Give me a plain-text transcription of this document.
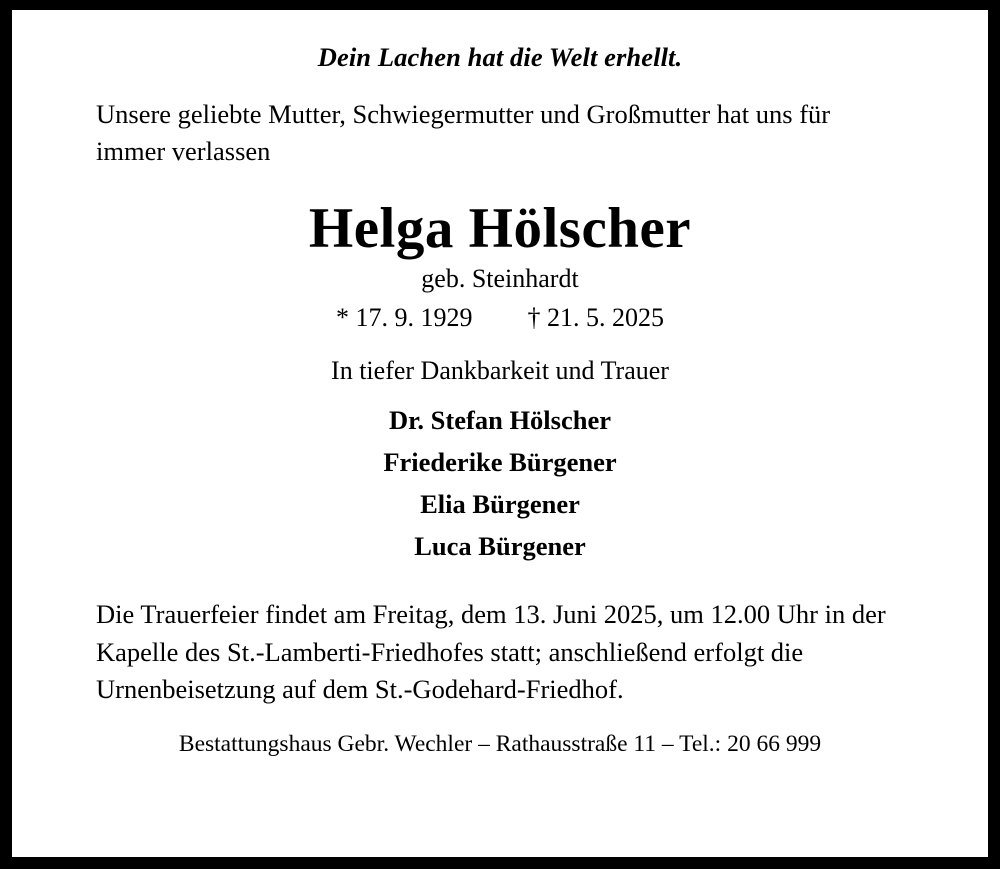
Dein Lachen hat die Welt erhellt.
Unsere geliebte Mutter, Schwiegermutter und Großmutter hat uns für immer verlassen
Helga Hölscher
geb. Steinhardt
* 17. 9. 1929 † 21. 5. 2025
In tiefer Dankbarkeit und Trauer
Dr. Stefan Hölscher
Friederike Bürgener
Elia Bürgener
Luca Bürgener
Die Trauerfeier findet am Freitag, dem 13. Juni 2025, um 12.00 Uhr in der Kapelle des St.-Lamberti-Friedhofes statt; anschließend erfolgt die Urnenbeisetzung auf dem St.-Godehard-Friedhof.
Bestattungshaus Gebr. Wechler – Rathausstraße 11 – Tel.: 20 66 999
